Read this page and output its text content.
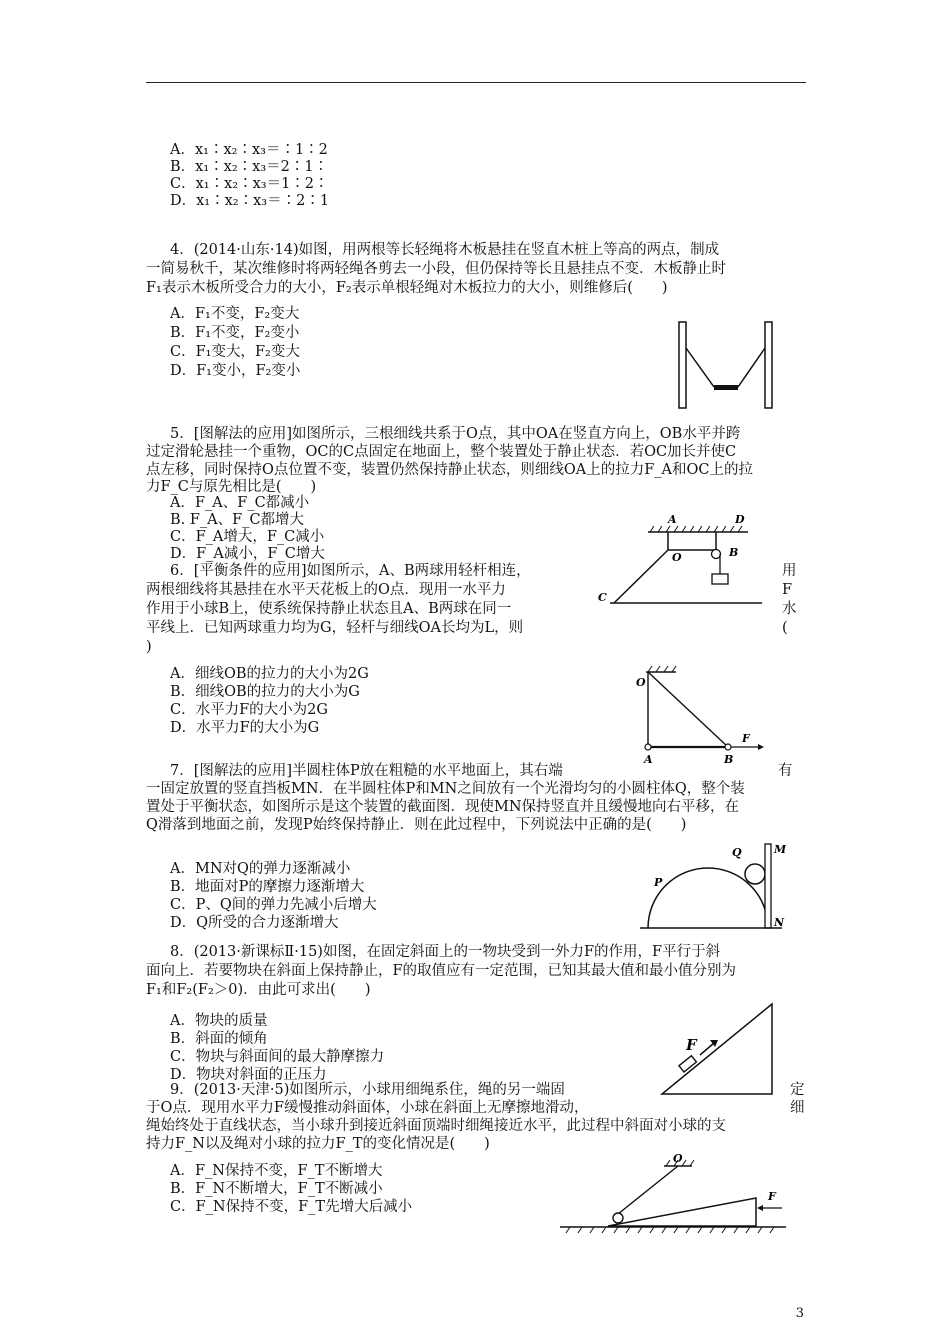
A．x₁∶x₂∶x₃＝∶1∶2
B．x₁∶x₂∶x₃＝2∶1∶
C．x₁∶x₂∶x₃＝1∶2∶
D．x₁∶x₂∶x₃＝∶2∶1
4．(2014·山东·14)如图，用两根等长轻绳将木板悬挂在竖直木桩上等高的两点，制成
一简易秋千，某次维修时将两轻绳各剪去一小段，但仍保持等长且悬挂点不变．木板静止时
F₁表示木板所受合力的大小，F₂表示单根轻绳对木板拉力的大小，则维修后(　　)
A．F₁不变，F₂变大
B．F₁不变，F₂变小
C．F₁变大，F₂变大
D．F₁变小，F₂变小
5．[图解法的应用]如图所示，三根细线共系于O点，其中OA在竖直方向上，OB水平并跨
过定滑轮悬挂一个重物，OC的C点固定在地面上，整个装置处于静止状态．若OC加长并使C
点左移，同时保持O点位置不变，装置仍然保持静止状态，则细线OA上的拉力F_A和OC上的拉
力F_C与原先相比是(　　)
A．F_A、F_C都减小
B. F_A、F_C都增大
C．F_A增大，F_C减小
D．F_A减小，F_C增大
A	D
O	B
C
6．[平衡条件的应用]如图所示，A、B两球用轻杆相连，
两根细线将其悬挂在水平天花板上的O点．现用一水平力
作用于小球B上，使系统保持静止状态且A、B两球在同一
平线上．已知两球重力均为G，轻杆与细线OA长均为L，则
)
用
F
水
(
A．细线OB的拉力的大小为2G
B．细线OB的拉力的大小为G
C．水平力F的大小为2G
D．水平力F的大小为G
O
A	B
F
7．[图解法的应用]半圆柱体P放在粗糙的水平地面上，其右端	有
一固定放置的竖直挡板MN．在半圆柱体P和MN之间放有一个光滑均匀的小圆柱体Q，整个装
置处于平衡状态，如图所示是这个装置的截面图．现使MN保持竖直并且缓慢地向右平移，在
Q滑落到地面之前，发现P始终保持静止．则在此过程中，下列说法中正确的是(　　)
A．MN对Q的弹力逐渐减小
B．地面对P的摩擦力逐渐增大
C．P、Q间的弹力先减小后增大
D．Q所受的合力逐渐增大
Q	M
P
N
8．(2013·新课标Ⅱ·15)如图，在固定斜面上的一物块受到一外力F的作用，F平行于斜
面向上．若要物块在斜面上保持静止，F的取值应有一定范围，已知其最大值和最小值分别为
F₁和F₂(F₂＞0)．由此可求出(　　)
A．物块的质量
B．斜面的倾角
C．物块与斜面间的最大静摩擦力
D．物块对斜面的正压力
F
9．(2013·天津·5)如图所示，小球用细绳系住，绳的另一端固	定
于O点．现用水平力F缓慢推动斜面体，小球在斜面上无摩擦地滑动，	细
绳始终处于直线状态，当小球升到接近斜面顶端时细绳接近水平，此过程中斜面对小球的支
持力F_N以及绳对小球的拉力F_T的变化情况是(　　)
A．F_N保持不变，F_T不断增大
B．F_N不断增大，F_T不断减小
C．F_N保持不变，F_T先增大后减小
O
F
3
